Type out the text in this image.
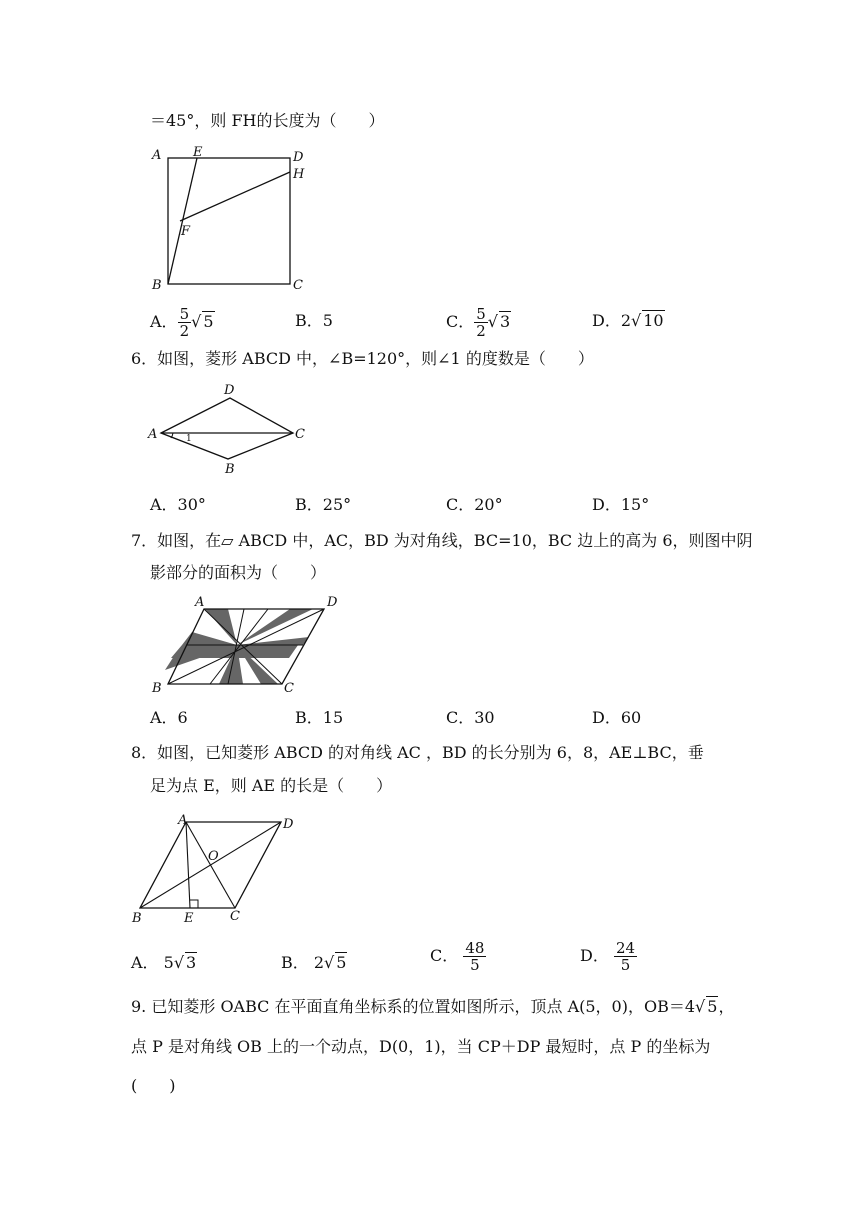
＝45°，则 FH的长度为（　　）
A E	D
H
F
B	C
A． $\frac{5}{2}$ √ 5	B．5	C． $\frac{5}{2}$ √ 3	D．2√ 10
6．如图，菱形 ABCD 中，∠B=120°，则∠1 的度数是（　　）
D
A	C
B
1
A．30°	B．25°	C．20°	D．15°
7．如图，在▱ ABCD 中，AC，BD 为对角线，BC=10，BC 边上的高为 6，则图中阴
影部分的面积为（　　）
A	D
B	C
A．6	B．15	C．30	D．60
8．如图，已知菱形 ABCD 的对角线 AC ，BD 的长分别为 6，8，AE⊥BC，垂
足为点 E，则 AE 的长是（　　）
A	D
O
B	E	C
A． 5√ 3	B． 2√ 5	C． $\frac{48}{5}$	D． $\frac{24}{5}$
9. 已知菱形 OABC 在平面直角坐标系的位置如图所示，顶点 A(5，0)，OB＝4√ 5，
点 P 是对角线 OB 上的一个动点，D(0，1)，当 CP＋DP 最短时，点 P 的坐标为
(　　)
